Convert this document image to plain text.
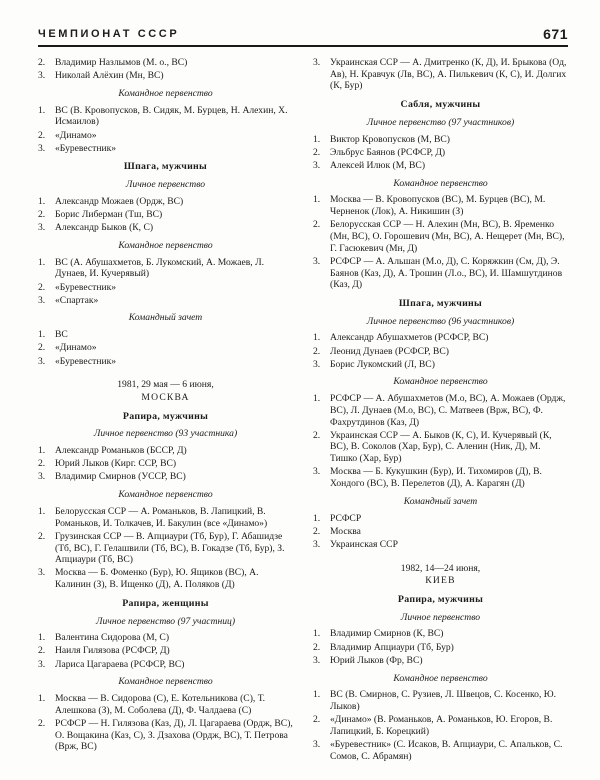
ЧЕМПИОНАТ СССР	671
2. Владимир Назлымов (М. о., ВС)
3. Николай Алёхин (Мн, ВС)
Командное первенство
1. ВС (В. Кровопусков, В. Сидяк, М. Бурцев, Н. Алехин, Х. Исмаилов)
2. «Динамо»
3. «Буревестник»
Шпага, мужчины
Личное первенство
1. Александр Можаев (Ордж, ВС)
2. Борис Либерман (Тш, ВС)
3. Александр Быков (К, С)
Командное первенство
1. ВС (А. Абушахметов, Б. Лукомский, А. Можаев, Л. Дунаев, И. Кучерявый)
2. «Буревестник»
3. «Спартак»
Командный зачет
1. ВС
2. «Динамо»
3. «Буревестник»
1981, 29 мая — 6 июня,
МОСКВА
Рапира, мужчины
Личное первенство (93 участника)
1. Александр Романьков (БССР, Д)
2. Юрий Лыков (Кирг. ССР, ВС)
3. Владимир Смирнов (УССР, ВС)
Командное первенство
1. Белорусская ССР — А. Романьков, В. Лапицкий, В. Романьков, И. Толкачев, И. Бакулин (все «Динамо»)
2. Грузинская ССР — В. Апциаури (Тб, Бур), Г. Абашидзе (Тб, ВС), Г. Гелашвили (Тб, ВС), В. Гокадзе (Тб, Бур), З. Апциаури (Тб, ВС)
3. Москва — Б. Фоменко (Бур), Ю. Ящиков (ВС), А. Калинин (З), В. Ищенко (Д), А. Поляков (Д)
Рапира, женщины
Личное первенство (97 участниц)
1. Валентина Сидорова (М, С)
2. Наиля Гилязова (РСФСР, Д)
3. Лариса Цагараева (РСФСР, ВС)
Командное первенство
1. Москва — В. Сидорова (С), Е. Котельникова (С), Т. Алешкова (З), М. Соболева (Д), Ф. Чалдаева (С)
2. РСФСР — Н. Гилязова (Каз, Д), Л. Цагараева (Ордж, ВС), О. Вощакина (Каз, С), З. Дзахова (Ордж, ВС), Т. Петрова (Врж, ВС)
3. Украинская ССР — А. Дмитренко (К, Д), И. Брыкова (Од, Ав), Н. Кравчук (Лв, ВС), А. Пилькевич (К, С), И. Долгих (К, Бур)
Сабля, мужчины
Личное первенство (97 участников)
1. Виктор Кровопусков (М, ВС)
2. Эльбрус Баянов (РСФСР, Д)
3. Алексей Илюк (М, ВС)
Командное первенство
1. Москва — В. Кровопусков (ВС), М. Бурцев (ВС), М. Черненок (Лок), А. Никишин (З)
2. Белорусская ССР — Н. Алехин (Мн, ВС), В. Яременко (Мн, ВС), О. Горошевич (Мн, ВС), А. Нещерет (Мн, ВС), Г. Гасюкевич (Мн, Д)
3. РСФСР — А. Альшан (М.о, Д), С. Коряжкин (См, Д), Э. Баянов (Каз, Д), А. Трошин (Л.о., ВС), И. Шамшутдинов (Каз, Д)
Шпага, мужчины
Личное первенство (96 участников)
1. Александр Абушахметов (РСФСР, ВС)
2. Леонид Дунаев (РСФСР, ВС)
3. Борис Лукомский (Л, ВС)
Командное первенство
1. РСФСР — А. Абушахметов (М.о, ВС), А. Можаев (Ордж, ВС), Л. Дунаев (М.о, ВС), С. Матвеев (Врж, ВС), Ф. Фахрутдинов (Каз, Д)
2. Украинская ССР — А. Быков (К, С), И. Кучерявый (К, ВС), В. Соколов (Хар, Бур), С. Аленин (Ник, Д), М. Тишко (Хар, Бур)
3. Москва — Б. Кукушкин (Бур), И. Тихомиров (Д), В. Хондого (ВС), В. Перелетов (Д), А. Карагян (Д)
Командный зачет
1. РСФСР
2. Москва
3. Украинская ССР
1982, 14—24 июня,
КИЕВ
Рапира, мужчины
Личное первенство
1. Владимир Смирнов (К, ВС)
2. Владимир Апциаури (Тб, Бур)
3. Юрий Лыков (Фр, ВС)
Командное первенство
1. ВС (В. Смирнов, С. Рузиев, Л. Швецов, С. Косенко, Ю. Лыков)
2. «Динамо» (В. Романьков, А. Романьков, Ю. Егоров, В. Лапицкий, Б. Корецкий)
3. «Буревестник» (С. Исаков, В. Апциаури, С. Апальков, С. Сомов, С. Абрамян)
